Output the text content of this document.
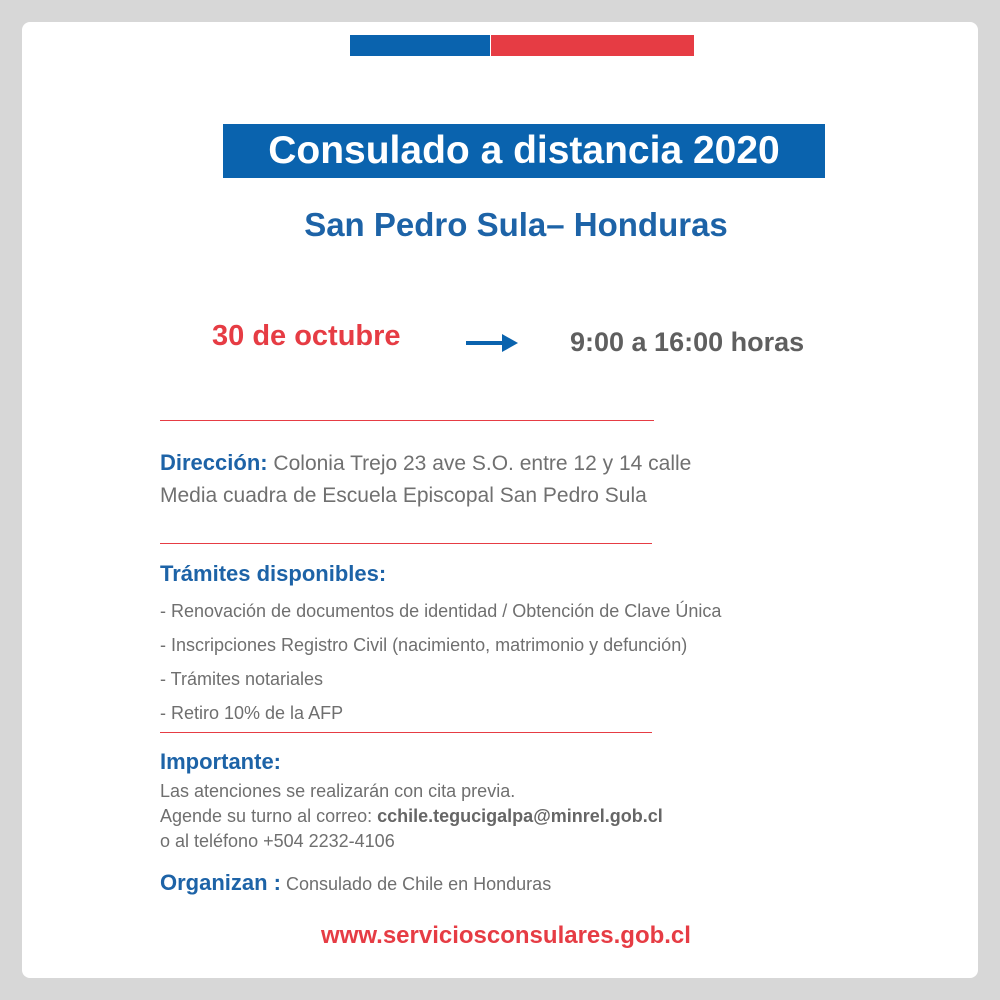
Consulado a distancia 2020
San Pedro Sula– Honduras
30 de octubre	9:00 a 16:00 horas
Dirección: Colonia Trejo 23 ave S.O. entre 12 y 14 calle
Media cuadra de Escuela Episcopal San Pedro Sula
Trámites disponibles:
- Renovación de documentos de identidad / Obtención de Clave Única
- Inscripciones Registro Civil (nacimiento, matrimonio y defunción)
- Trámites notariales
- Retiro 10% de la AFP
Importante:
Las atenciones se realizarán con cita previa.
Agende su turno al correo: cchile.tegucigalpa@minrel.gob.cl
o al teléfono +504 2232-4106
Organizan : Consulado de Chile en Honduras
www.serviciosconsulares.gob.cl
